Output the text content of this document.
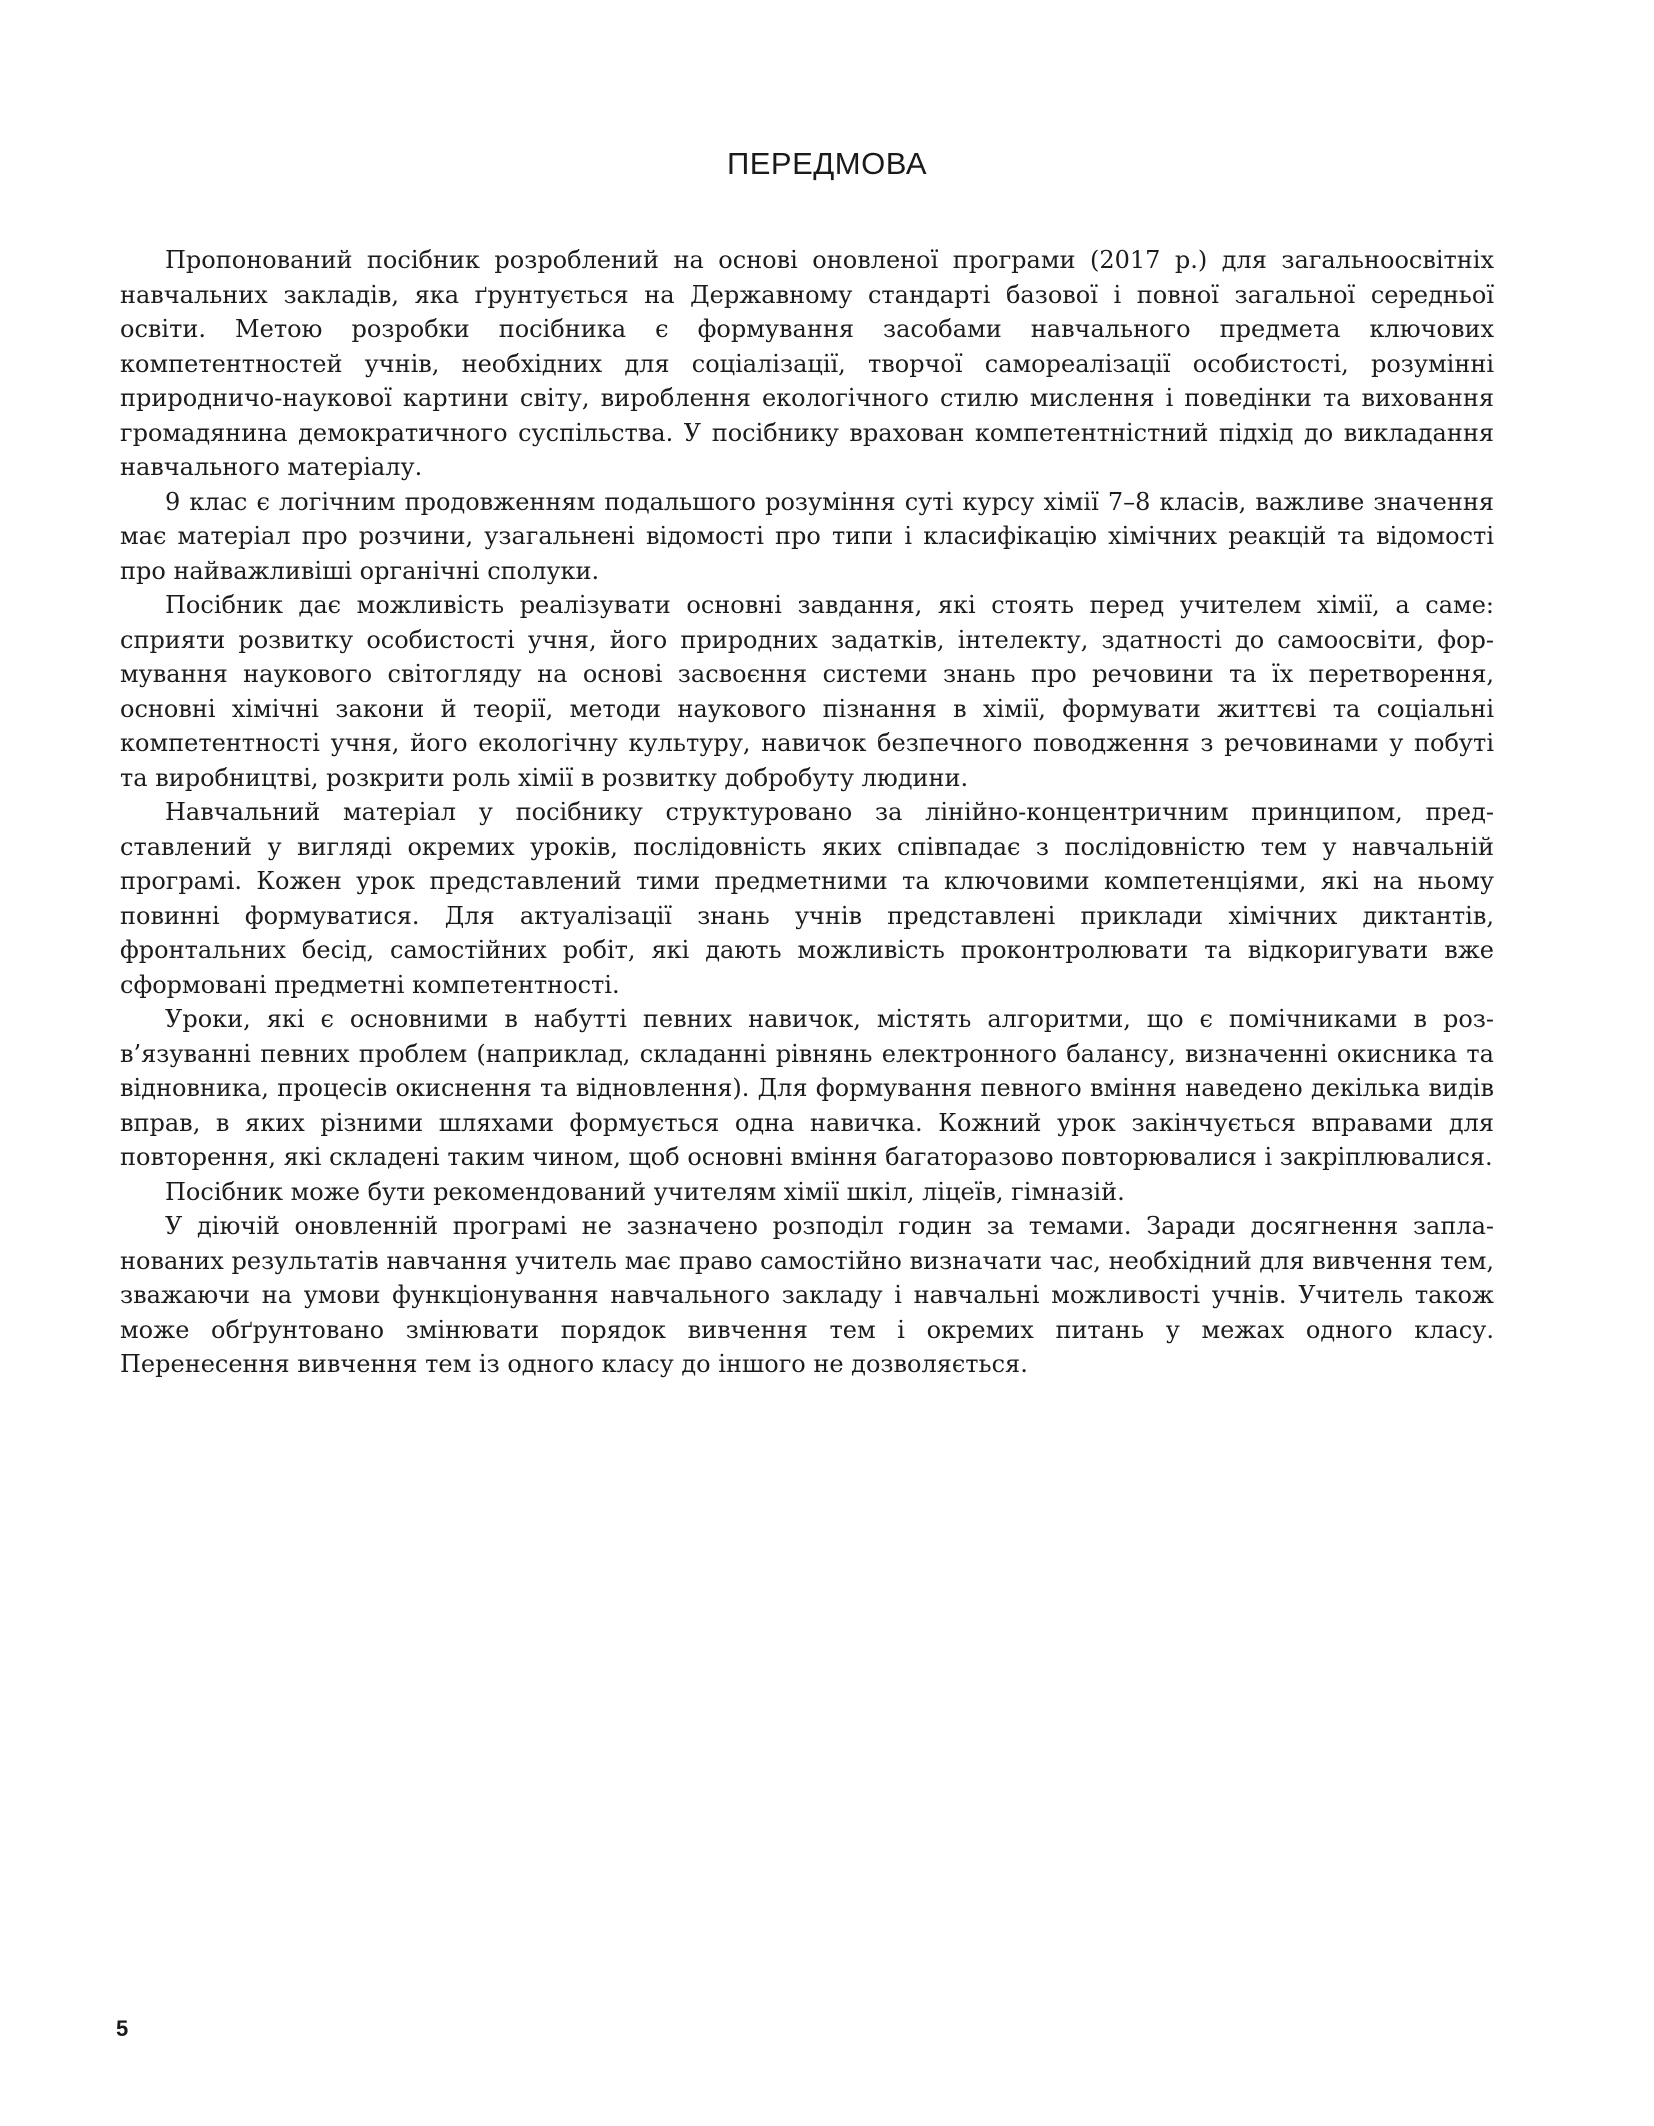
ПЕРЕДМОВА

Пропонований посібник розроблений на основі оновленої програми (2017 р.) для загальноосвітніх навчальних закладів, яка ґрунтується на Державному стандарті базової і повної загальної середньої освіти. Метою розробки посібника є формування засобами навчального предмета ключових компетентностей учнів, необхідних для соціалізації, творчої самореалізації особистості, розумінні природничо-наукової картини світу, вироблення екологічного стилю мислення і поведінки та виховання громадянина демократичного суспільства. У посібнику врахован компетентністний підхід до викладання навчального матеріалу.

9 клас є логічним продовженням подальшого розуміння суті курсу хімії 7–8 класів, важливе значення має матеріал про розчини, узагальнені відомості про типи і класифікацію хімічних реакцій та відомості про найважливіші органічні сполуки.

Посібник дає можливість реалізувати основні завдання, які стоять перед учителем хімії, а саме: сприяти розвитку особистості учня, його природних задатків, інтелекту, здатності до самоосвіти, формування наукового світогляду на основі засвоєння системи знань про речовини та їх перетворення, основні хімічні закони й теорії, методи наукового пізнання в хімії, формувати життєві та соціальні компетентності учня, його екологічну культуру, навичок безпечного поводження з речовинами у побуті та виробництві, розкрити роль хімії в розвитку добробуту людини.

Навчальний матеріал у посібнику структуровано за лінійно-концентричним принципом, представлений у вигляді окремих уроків, послідовність яких співпадає з послідовністю тем у навчальній програмі. Кожен урок представлений тими предметними та ключовими компетенціями, які на ньому повинні формуватися. Для актуалізації знань учнів представлені приклади хімічних диктантів, фронтальних бесід, самостійних робіт, які дають можливість проконтролювати та відкоригувати вже сформовані предметні компетентності.

Уроки, які є основними в набутті певних навичок, містять алгоритми, що є помічниками в розв’язуванні певних проблем (наприклад, складанні рівнянь електронного балансу, визначенні окисника та відновника, процесів окиснення та відновлення). Для формування певного вміння наведено декілька видів вправ, в яких різними шляхами формується одна навичка. Кожний урок закінчується вправами для повторення, які складені таким чином, щоб основні вміння багаторазово повторювалися і закріплювалися.

Посібник може бути рекомендований учителям хімії шкіл, ліцеїв, гімназій.

У діючій оновленній програмі не зазначено розподіл годин за темами. Заради досягнення запланованих результатів навчання учитель має право самостійно визначати час, необхідний для вивчення тем, зважаючи на умови функціонування навчального закладу і навчальні можливості учнів. Учитель також може обґрунтовано змінювати порядок вивчення тем і окремих питань у межах одного класу. Перенесення вивчення тем із одного класу до іншого не дозволяється.

5
